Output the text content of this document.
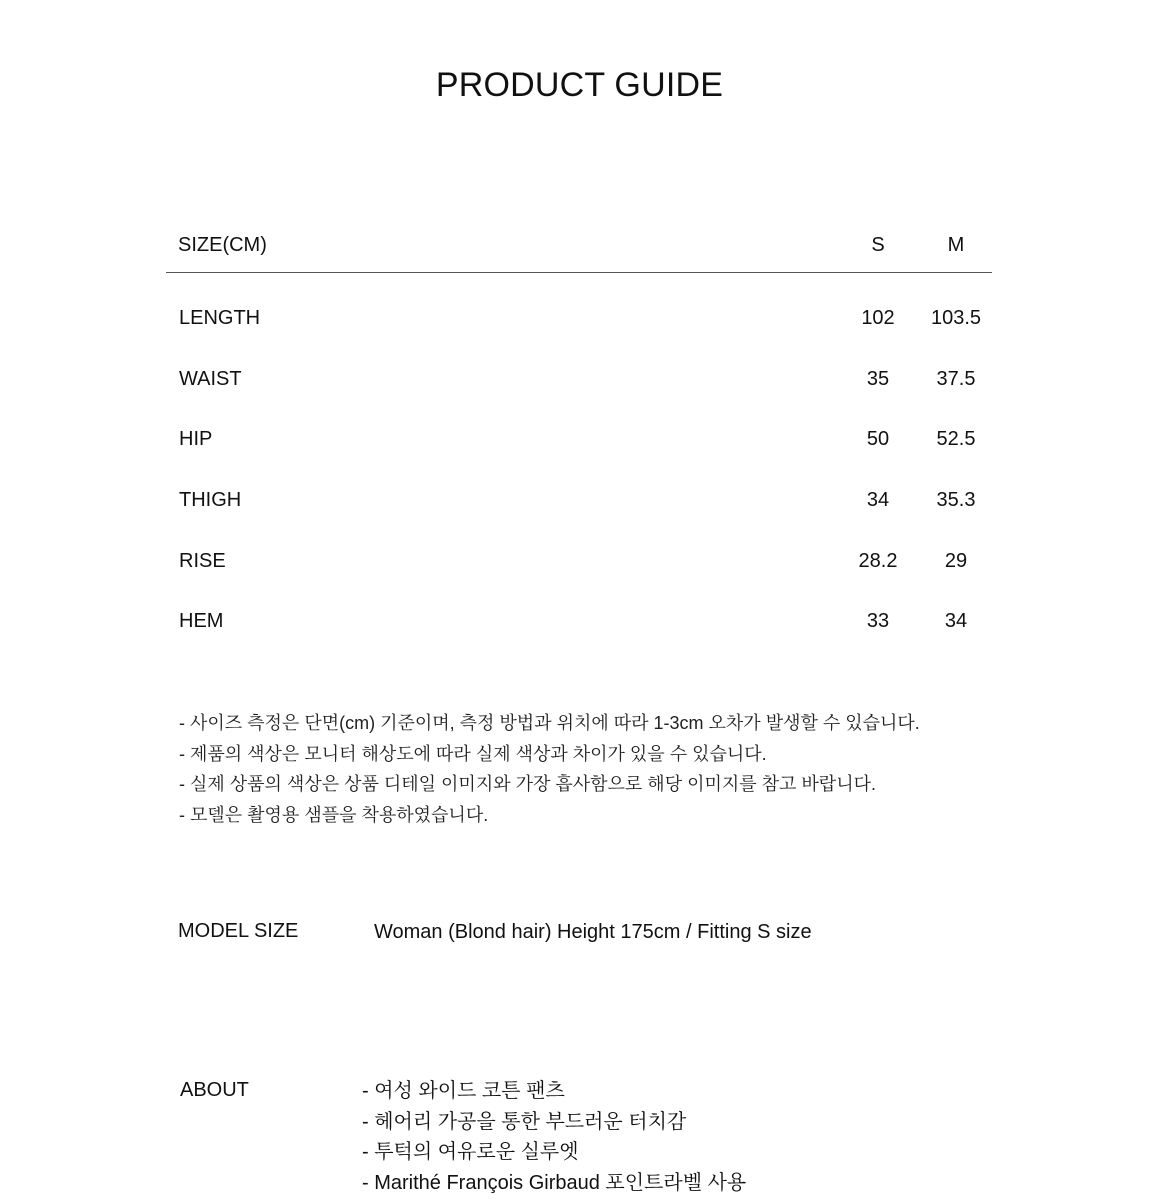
PRODUCT GUIDE
SIZE(CM)	S	M
LENGTH	102	103.5
WAIST	35	37.5
HIP	50	52.5
THIGH	34	35.3
RISE	28.2	29
HEM	33	34
- 사이즈 측정은 단면(cm) 기준이며, 측정 방법과 위치에 따라 1-3cm 오차가 발생할 수 있습니다.
- 제품의 색상은 모니터 해상도에 따라 실제 색상과 차이가 있을 수 있습니다.
- 실제 상품의 색상은 상품 디테일 이미지와 가장 흡사함으로 해당 이미지를 참고 바랍니다.
- 모델은 촬영용 샘플을 착용하였습니다.
MODEL SIZE	Woman (Blond hair) Height 175cm / Fitting S size
ABOUT	- 여성 와이드 코튼 팬츠
- 헤어리 가공을 통한 부드러운 터치감
- 투턱의 여유로운 실루엣
- Marithé François Girbaud 포인트라벨 사용
